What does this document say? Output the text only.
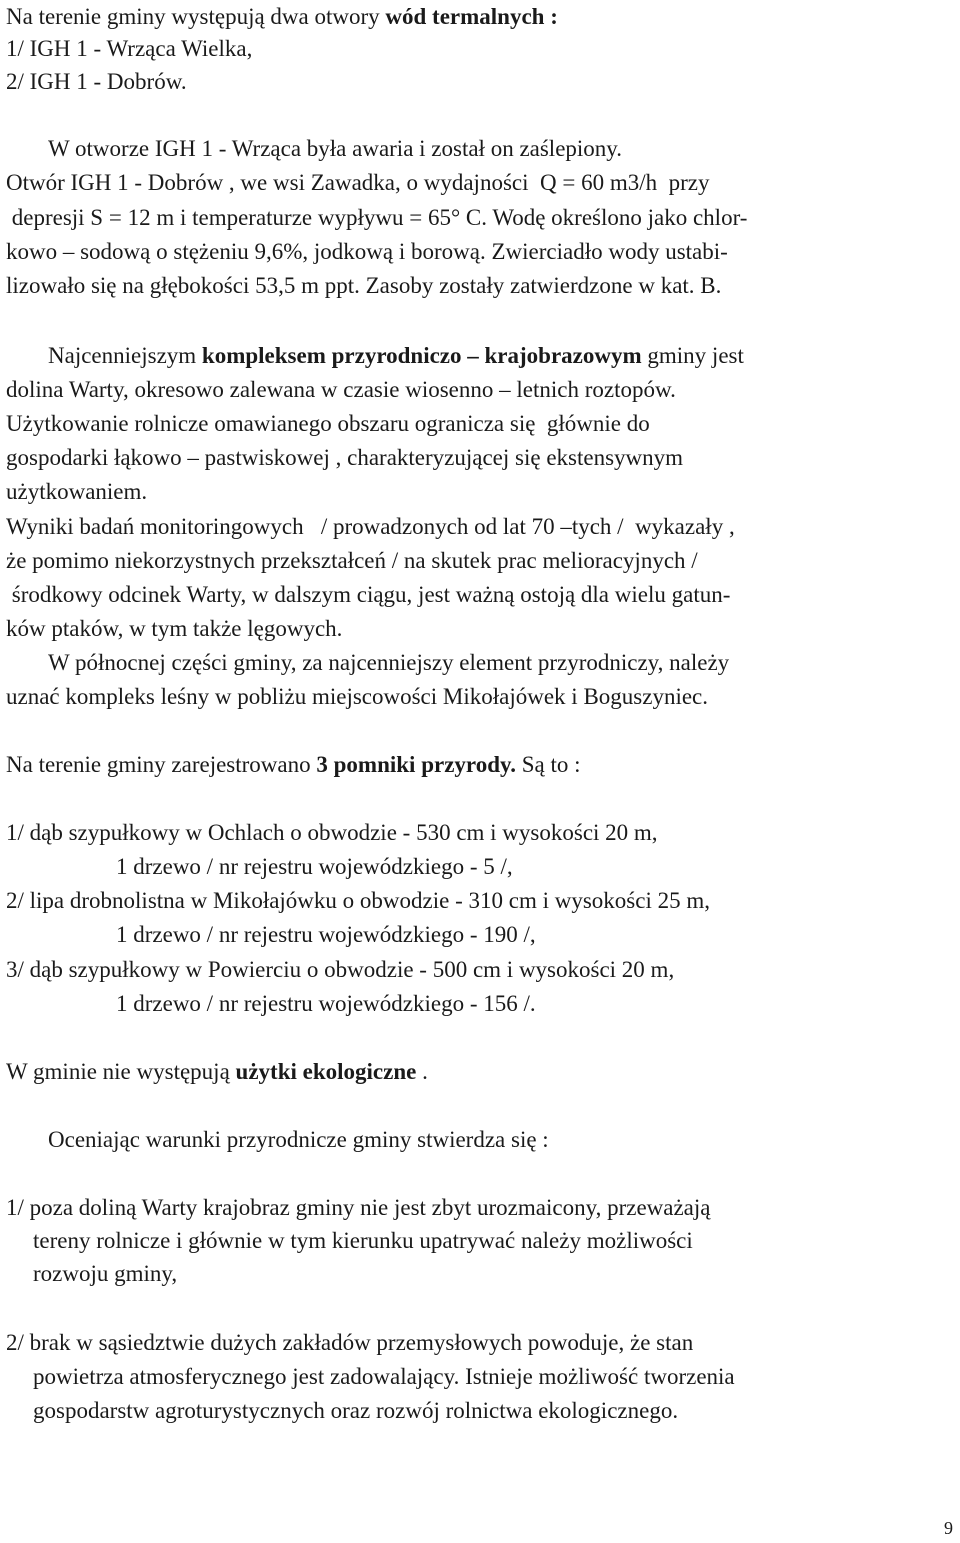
Na terenie gminy występują dwa otwory wód termalnych :
1/ IGH 1 - Wrząca Wielka,
2/ IGH 1 - Dobrów.
W otworze IGH 1 - Wrząca była awaria i został on zaślepiony.
Otwór IGH 1 - Dobrów , we wsi Zawadka, o wydajności  Q = 60 m3/h  przy
depresji S = 12 m i temperaturze wypływu = 65° C. Wodę określono jako chlor-
kowo – sodową o stężeniu 9,6%, jodkową i borową. Zwierciadło wody ustabi-
lizowało się na głębokości 53,5 m ppt. Zasoby zostały zatwierdzone w kat. B.
Najcenniejszym kompleksem przyrodniczo – krajobrazowym gminy jest
dolina Warty, okresowo zalewana w czasie wiosenno – letnich roztopów.
Użytkowanie rolnicze omawianego obszaru ogranicza się  głównie do
gospodarki łąkowo – pastwiskowej , charakteryzującej się ekstensywnym
użytkowaniem.
Wyniki badań monitoringowych   / prowadzonych od lat 70 –tych /  wykazały ,
że pomimo niekorzystnych przekształceń / na skutek prac melioracyjnych /
środkowy odcinek Warty, w dalszym ciągu, jest ważną ostoją dla wielu gatun-
ków ptaków, w tym także lęgowych.
W północnej części gminy, za najcenniejszy element przyrodniczy, należy
uznać kompleks leśny w pobliżu miejscowości Mikołajówek i Boguszyniec.
Na terenie gminy zarejestrowano 3 pomniki przyrody. Są to :
1/ dąb szypułkowy w Ochlach o obwodzie - 530 cm i wysokości 20 m,
1 drzewo / nr rejestru wojewódzkiego - 5 /,
2/ lipa drobnolistna w Mikołajówku o obwodzie - 310 cm i wysokości 25 m,
1 drzewo / nr rejestru wojewódzkiego - 190 /,
3/ dąb szypułkowy w Powierciu o obwodzie - 500 cm i wysokości 20 m,
1 drzewo / nr rejestru wojewódzkiego - 156 /.
W gminie nie występują użytki ekologiczne .
Oceniając warunki przyrodnicze gminy stwierdza się :
1/ poza doliną Warty krajobraz gminy nie jest zbyt urozmaicony, przeważają
tereny rolnicze i głównie w tym kierunku upatrywać należy możliwości
rozwoju gminy,
2/ brak w sąsiedztwie dużych zakładów przemysłowych powoduje, że stan
powietrza atmosferycznego jest zadowalający. Istnieje możliwość tworzenia
gospodarstw agroturystycznych oraz rozwój rolnictwa ekologicznego.
9
